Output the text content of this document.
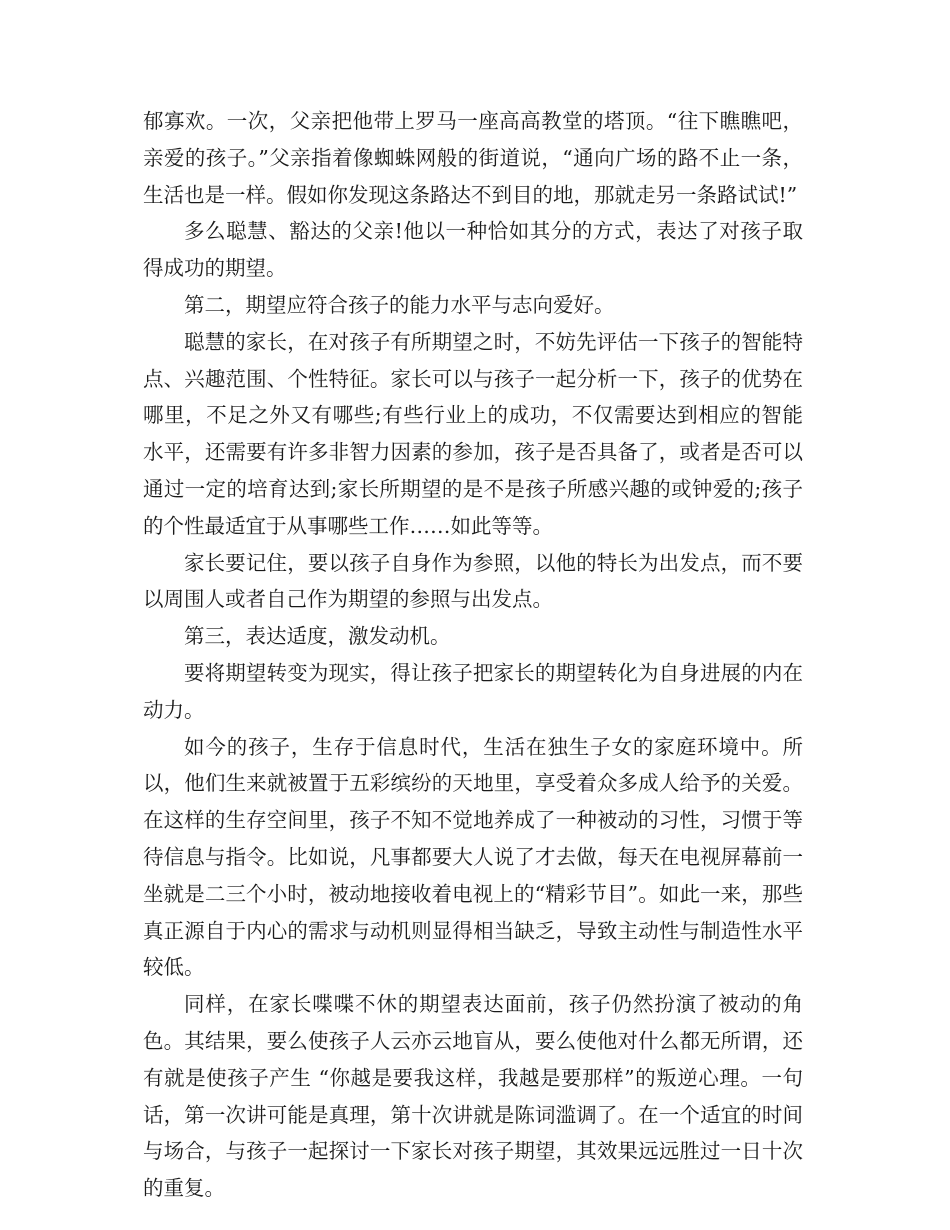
郁寡欢。一次，父亲把他带上罗马一座高高教堂的塔顶。“往下瞧瞧吧，亲爱的孩子。”父亲指着像蜘蛛网般的街道说，“通向广场的路不止一条，生活也是一样。假如你发现这条路达不到目的地，那就走另一条路试试!”

多么聪慧、豁达的父亲!他以一种恰如其分的方式，表达了对孩子取得成功的期望。

第二，期望应符合孩子的能力水平与志向爱好。

聪慧的家长，在对孩子有所期望之时，不妨先评估一下孩子的智能特点、兴趣范围、个性特征。家长可以与孩子一起分析一下，孩子的优势在哪里，不足之外又有哪些;有些行业上的成功，不仅需要达到相应的智能水平，还需要有许多非智力因素的参加，孩子是否具备了，或者是否可以通过一定的培育达到;家长所期望的是不是孩子所感兴趣的或钟爱的;孩子的个性最适宜于从事哪些工作……如此等等。

家长要记住，要以孩子自身作为参照，以他的特长为出发点，而不要以周围人或者自己作为期望的参照与出发点。

第三，表达适度，激发动机。

要将期望转变为现实，得让孩子把家长的期望转化为自身进展的内在动力。

如今的孩子，生存于信息时代，生活在独生子女的家庭环境中。所以，他们生来就被置于五彩缤纷的天地里，享受着众多成人给予的关爱。在这样的生存空间里，孩子不知不觉地养成了一种被动的习性，习惯于等待信息与指令。比如说，凡事都要大人说了才去做，每天在电视屏幕前一坐就是二三个小时，被动地接收着电视上的“精彩节目”。如此一来，那些真正源自于内心的需求与动机则显得相当缺乏，导致主动性与制造性水平较低。

同样，在家长喋喋不休的期望表达面前，孩子仍然扮演了被动的角色。其结果，要么使孩子人云亦云地盲从，要么使他对什么都无所谓，还有就是使孩子产生 “你越是要我这样，我越是要那样”的叛逆心理。一句话，第一次讲可能是真理，第十次讲就是陈词滥调了。在一个适宜的时间与场合，与孩子一起探讨一下家长对孩子期望，其效果远远胜过一日十次的重复。
